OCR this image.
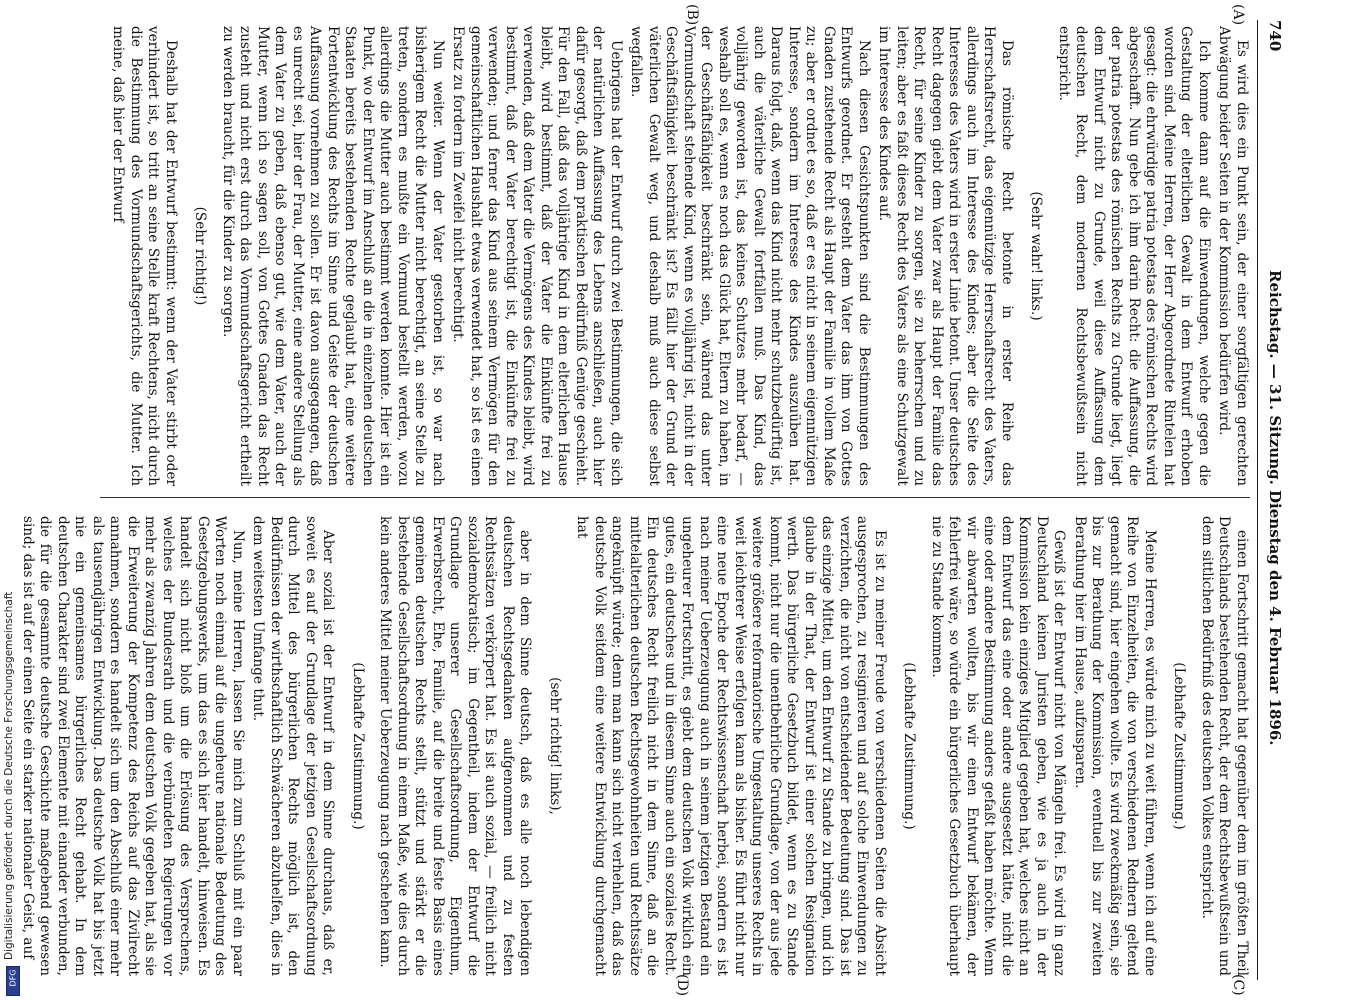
740
Reichstag. — 31. Sitzung. Dienstag den 4. Februar 1896.
(A)
(B)
(C)
(D)

Es wird dies ein Punkt sein, der einer sorgfältigen gerechten Abwägung beider Seiten in der Kommission bedürfen wird.

Ich komme dann auf die Einwendungen, welche gegen die Gestaltung der elterlichen Gewalt in dem Entwurf erhoben worden sind. Meine Herren, der Herr Abgeordnete Rintelen hat gesagt: die ehrwürdige patria potestas des römischen Rechts wird abgeschafft. Nun gebe ich ihm darin Recht: die Auffassung, die der patria potestas des römischen Rechts zu Grunde liegt, liegt dem Entwurf nicht zu Grunde, weil diese Auffassung dem deutschen Recht, dem modernen Rechtsbewußtsein nicht entspricht.

(Sehr wahr! links.)

Das römische Recht betonte in erster Reihe das Herrschaftsrecht, das eigennützige Herrschaftsrecht des Vaters, allerdings auch im Interesse des Kindes; aber die Seite des Interesses des Vaters wird in erster Linie betont. Unser deutsches Recht dagegen giebt dem Vater zwar als Haupt der Familie das Recht, für seine Kinder zu sorgen, sie zu beherrschen und zu leiten; aber es faßt dieses Recht des Vaters als eine Schutzgewalt im Interesse des Kindes auf.

Nach diesen Gesichtspunkten sind die Bestimmungen des Entwurfs geordnet. Er gesteht dem Vater das ihm von Gottes Gnaden zustehende Recht als Haupt der Familie in vollem Maße zu; aber er ordnet es so, daß er es nicht in seinem eigennützigen Interesse, sondern im Interesse des Kindes auszuüben hat. Daraus folgt, daß, wenn das Kind nicht mehr schutzbedürftig ist, auch die väterliche Gewalt fortfallen muß. Das Kind, das volljährig geworden ist, das keines Schutzes mehr bedarf, — weshalb soll es, wenn es noch das Glück hat, Eltern zu haben, in der Geschäftsfähigkeit beschränkt sein, während das unter Vormundschaft stehende Kind, wenn es volljährig ist, nicht in der Geschäftsfähigkeit beschränkt ist? Es fällt hier der Grund der väterlichen Gewalt weg, und deshalb muß auch diese selbst wegfallen.

Uebrigens hat der Entwurf durch zwei Bestimmungen, die sich der natürlichen Auffassung des Lebens anschließen, auch hier dafür gesorgt, daß dem praktischen Bedürfniß Genüge geschieht. Für den Fall, daß das volljährige Kind in dem elterlichen Hause bleibt, wird bestimmt, daß der Vater die Einkünfte frei zu verwenden, daß dem Vater die Vermögens des Kindes bleibt, wird bestimmt, daß der Vater berechtigt ist, die Einkünfte frei zu verwenden; und ferner das Kind aus seinem Vermögen für den gemeinschaftlichen Haushalt etwas verwendet hat, so ist es einen Ersatz zu fordern im Zweifel nicht berechtigt.

Nun weiter. Wenn der Vater gestorben ist, so war nach bisherigem Recht die Mutter nicht berechtigt, an seine Stelle zu treten, sondern es mußte ein Vormund bestellt werden, wozu allerdings die Mutter auch bestimmt werden konnte. Hier ist ein Punkt, wo der Entwurf im Anschluß an die in einzelnen deutschen Staaten bereits bestehenden Rechte geglaubt hat, eine weitere Fortentwicklung des Rechts im Sinne und Geiste der deutschen Auffassung vornehmen zu sollen. Er ist davon ausgegangen, daß es unrecht sei, hier der Frau, der Mutter, eine andere Stellung als dem Vater zu geben, daß ebenso gut, wie dem Vater, auch der Mutter, wenn ich so sagen soll, von Gottes Gnaden das Recht zusteht und nicht erst durch das Vormundschaftsgericht ertheilt zu werden braucht, für die Kinder zu sorgen.

(Sehr richtig!)

Deshalb hat der Entwurf bestimmt: wenn der Vater stirbt oder verhindert ist, so tritt an seine Stelle kraft Rechtens, nicht durch die Bestimmung des Vormundschaftsgerichts, die Mutter. Ich meine, daß hier der Entwurf

einen Fortschritt gemacht hat gegenüber dem im größten Theil Deutschlands bestehenden Recht, der dem Rechtsbewußtsein und dem sittlichen Bedürfniß des deutschen Volkes entspricht.

(Lebhafte Zustimmung.)

Meine Herren, es würde mich zu weit führen, wenn ich auf eine Reihe von Einzelheiten, die von verschiedenen Rednern geltend gemacht sind, hier eingehen wollte. Es wird zweckmäßig sein, sie bis zur Berathung der Kommission, eventuell bis zur zweiten Berathung hier im Hause, aufzusparen.

Gewiß ist der Entwurf nicht von Mängeln frei. Es wird in ganz Deutschland keinen Juristen geben, wie es ja auch in der Kommission kein einziges Mitglied gegeben hat, welches nicht an dem Entwurf das eine oder andere ausgesetzt hätte, nicht die eine oder andere Bestimmung anders gefaßt haben möchte. Wenn wir abwarten wollten, bis wir einen Entwurf bekämen, der fehlerfrei wäre, so würde ein bürgerliches Gesetzbuch überhaupt nie zu Stande kommen.

(Lebhafte Zustimmung.)

Es ist zu meiner Freude von verschiedenen Seiten die Absicht ausgesprochen, zu resignieren und auf solche Einwendungen zu verzichten, die nicht von entscheidender Bedeutung sind. Das ist das einzige Mittel, um den Entwurf zu Stande zu bringen, und ich glaube in der That, der Entwurf ist einer solchen Resignation werth. Das bürgerliche Gesetzbuch bildet, wenn es zu Stande kommt, nicht nur die unentbehrliche Grundlage, von der aus jede weitere größere reformatorische Umgestaltung unseres Rechts in weit leichterer Weise erfolgen kann als bisher. Es führt nicht nur eine neue Epoche der Rechtswissenschaft herbei, sondern es ist nach meiner Ueberzeugung auch in seinem jetzigen Bestand ein ungeheurer Fortschritt, es giebt dem deutschen Volk wirklich ein gutes, ein deutsches und in diesem Sinne auch ein soziales Recht. Ein deutsches Recht freilich nicht in dem Sinne, daß an die mittelalterlichen deutschen Rechtsgewohnheiten und Rechtssätze angeknüpft würde; denn man kann sich nicht verhehlen, daß das deutsche Volk seitdem eine weitere Entwicklung durchgemacht hat

(sehr richtig! links),

aber in dem Sinne deutsch, daß es alle noch lebendigen deutschen Rechtsgedanken aufgenommen und zu festen Rechtssätzen verkörpert hat. Es ist auch sozial, — freilich nicht sozialdemokratisch; im Gegentheil, indem der Entwurf die Grundlage unserer Gesellschaftsordnung, Eigenthum, Erwerbsrecht, Ehe, Familie, auf die breite und feste Basis eines gemeinen deutschen Rechts stellt, stützt und stärkt er die bestehende Gesellschaftsordnung in einem Maße, wie dies durch kein anderes Mittel meiner Ueberzeugung nach geschehen kann.

(Lebhafte Zustimmung.)

Aber sozial ist der Entwurf in dem Sinne durchaus, daß er, soweit es auf der Grundlage der jetzigen Gesellschaftsordnung durch Mittel des bürgerlichen Rechts möglich ist, den Bedürfnissen der wirthschaftlich Schwächeren abzuhelfen, dies in dem weitesten Umfange thut.

Nun, meine Herren, lassen Sie mich zum Schluß mit ein paar Worten noch einmal auf die ungeheure nationale Bedeutung des Gesetzgebungswerks, um das es sich hier handelt, hinweisen. Es handelt sich nicht bloß um die Erlösung des Versprechens, welches der Bundesrath und die verbündeten Regierungen vor mehr als zwanzig Jahren dem deutschen Volk gegeben hat, als sie die Erweiterung der Kompetenz des Reichs auf das Zivilrecht annahmen, sondern es handelt sich um den Abschluß einer mehr als tausendjährigen Entwicklung. Das deutsche Volk hat bis jetzt nie ein gemeinsames bürgerliches Recht gehabt. In dem deutschen Charakter sind zwei Elemente mit einander verbunden, die für die gesammte deutsche Geschichte maßgebend gewesen sind; das ist auf der einen Seite ein starker nationaler Geist, auf

Digitalisierung gefördert durch die Deutsche Forschungsgemeinschaft
DFG
